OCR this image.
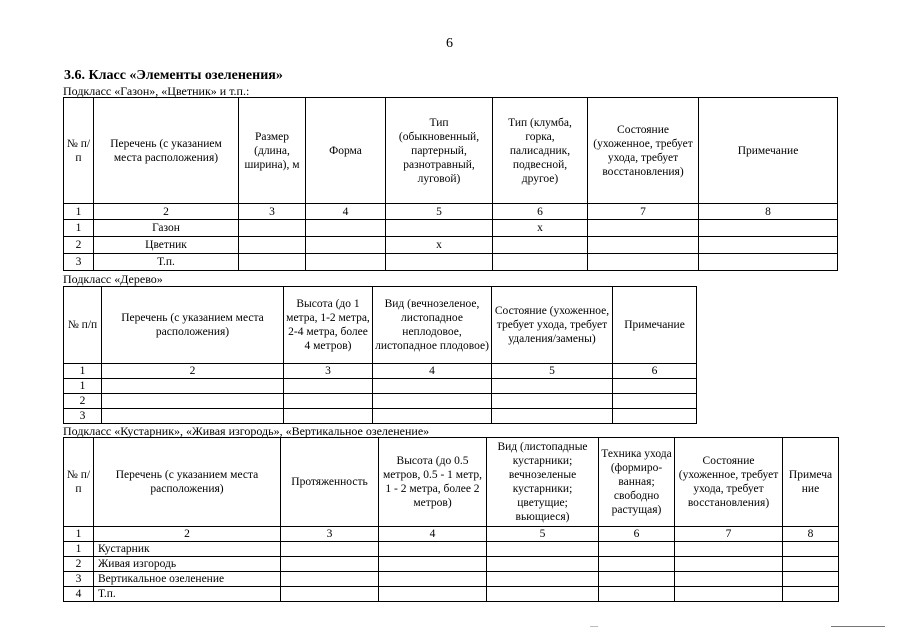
6
3.6. Класс «Элементы озеленения»
Подкласс «Газон», «Цветник» и т.п.:
№ п/п	Перечень (с указанием места расположения)	Размер (длина, ширина), м	Форма	Тип (обыкновенный, партерный, разнотравный, луговой)	Тип (клумба, горка, палисадник, подвесной, другое)	Состояние (ухоженное, требует ухода, требует восстановления)	Примечание
1	2	3	4	5	6	7	8
1	Газон				х		
2	Цветник			х			
3	Т.п.						
Подкласс «Дерево»
№ п/п	Перечень (с указанием места расположения)	Высота (до 1 метра, 1-2 метра, 2-4 метра, более 4 метров)	Вид (вечнозеленое, листопадное неплодовое, листопадное плодовое)	Состояние (ухоженное, требует ухода, требует удаления/замены)	Примечание
1	2	3	4	5	6
1					
2					
3					
Подкласс «Кустарник», «Живая изгородь», «Вертикальное озеленение»
№ п/п	Перечень (с указанием места расположения)	Протяженность	Высота (до 0.5 метров, 0.5 - 1 метр, 1 - 2 метра, более 2 метров)	Вид (листопадные кустарники; вечнозеленые кустарники; цветущие; вьющиеся)	Техника ухода (формиро-ванная; свободно растущая)	Состояние (ухоженное, требует ухода, требует восстановления)	Примеча ние
1	2	3	4	5	6	7	8
1	Кустарник						
2	Живая изгородь						
3	Вертикальное озеленение						
4	Т.п.						
